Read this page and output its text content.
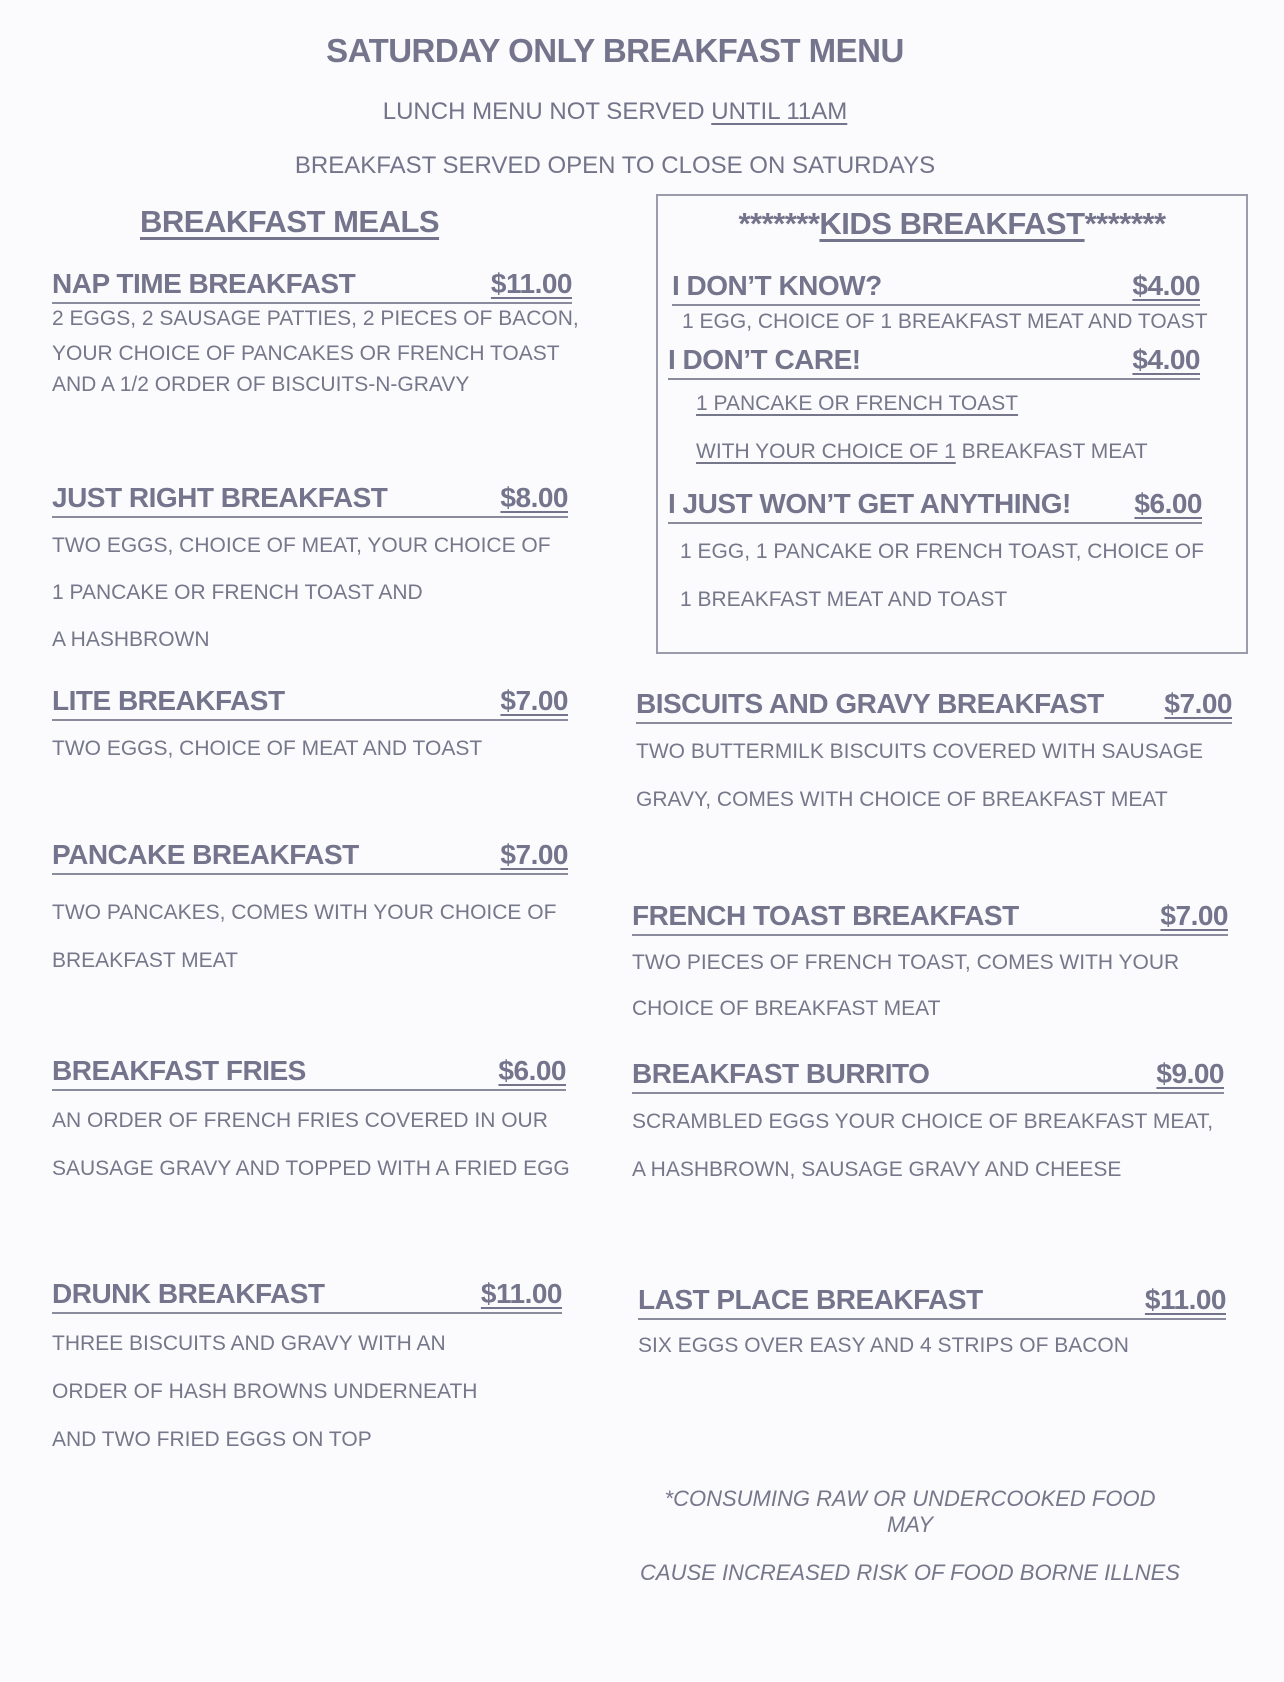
SATURDAY ONLY BREAKFAST MENU
LUNCH MENU NOT SERVED UNTIL 11AM
BREAKFAST SERVED OPEN TO CLOSE ON SATURDAYS
BREAKFAST MEALS
NAP TIME BREAKFAST	$11.00
2 EGGS, 2 SAUSAGE PATTIES, 2 PIECES OF BACON,
YOUR CHOICE OF PANCAKES OR FRENCH TOAST
AND A 1/2 ORDER OF BISCUITS-N-GRAVY
JUST RIGHT BREAKFAST	$8.00
TWO EGGS, CHOICE OF MEAT, YOUR CHOICE OF
1 PANCAKE OR FRENCH TOAST AND
A HASHBROWN
LITE BREAKFAST	$7.00
TWO EGGS, CHOICE OF MEAT AND TOAST
PANCAKE BREAKFAST	$7.00
TWO PANCAKES, COMES WITH YOUR CHOICE OF
BREAKFAST MEAT
BREAKFAST FRIES	$6.00
AN ORDER OF FRENCH FRIES COVERED IN OUR
SAUSAGE GRAVY AND TOPPED WITH A FRIED EGG
DRUNK BREAKFAST	$11.00
THREE BISCUITS AND GRAVY WITH AN
ORDER OF HASH BROWNS UNDERNEATH
AND TWO FRIED EGGS ON TOP
*******KIDS BREAKFAST*******
I DON’T KNOW?	$4.00
1 EGG, CHOICE OF 1 BREAKFAST MEAT AND TOAST
I DON’T CARE!	$4.00
1 PANCAKE OR FRENCH TOAST
WITH YOUR CHOICE OF 1 BREAKFAST MEAT
I JUST WON’T GET ANYTHING! $6.00
1 EGG, 1 PANCAKE OR FRENCH TOAST, CHOICE OF
1 BREAKFAST MEAT AND TOAST
BISCUITS AND GRAVY BREAKFAST $7.00
TWO BUTTERMILK BISCUITS COVERED WITH SAUSAGE
GRAVY, COMES WITH CHOICE OF BREAKFAST MEAT
FRENCH TOAST BREAKFAST	$7.00
TWO PIECES OF FRENCH TOAST, COMES WITH YOUR
CHOICE OF BREAKFAST MEAT
BREAKFAST BURRITO	$9.00
SCRAMBLED EGGS YOUR CHOICE OF BREAKFAST MEAT,
A HASHBROWN, SAUSAGE GRAVY AND CHEESE
LAST PLACE BREAKFAST	$11.00
SIX EGGS OVER EASY AND 4 STRIPS OF BACON
*CONSUMING RAW OR UNDERCOOKED FOOD MAY
CAUSE INCREASED RISK OF FOOD BORNE ILLNES
